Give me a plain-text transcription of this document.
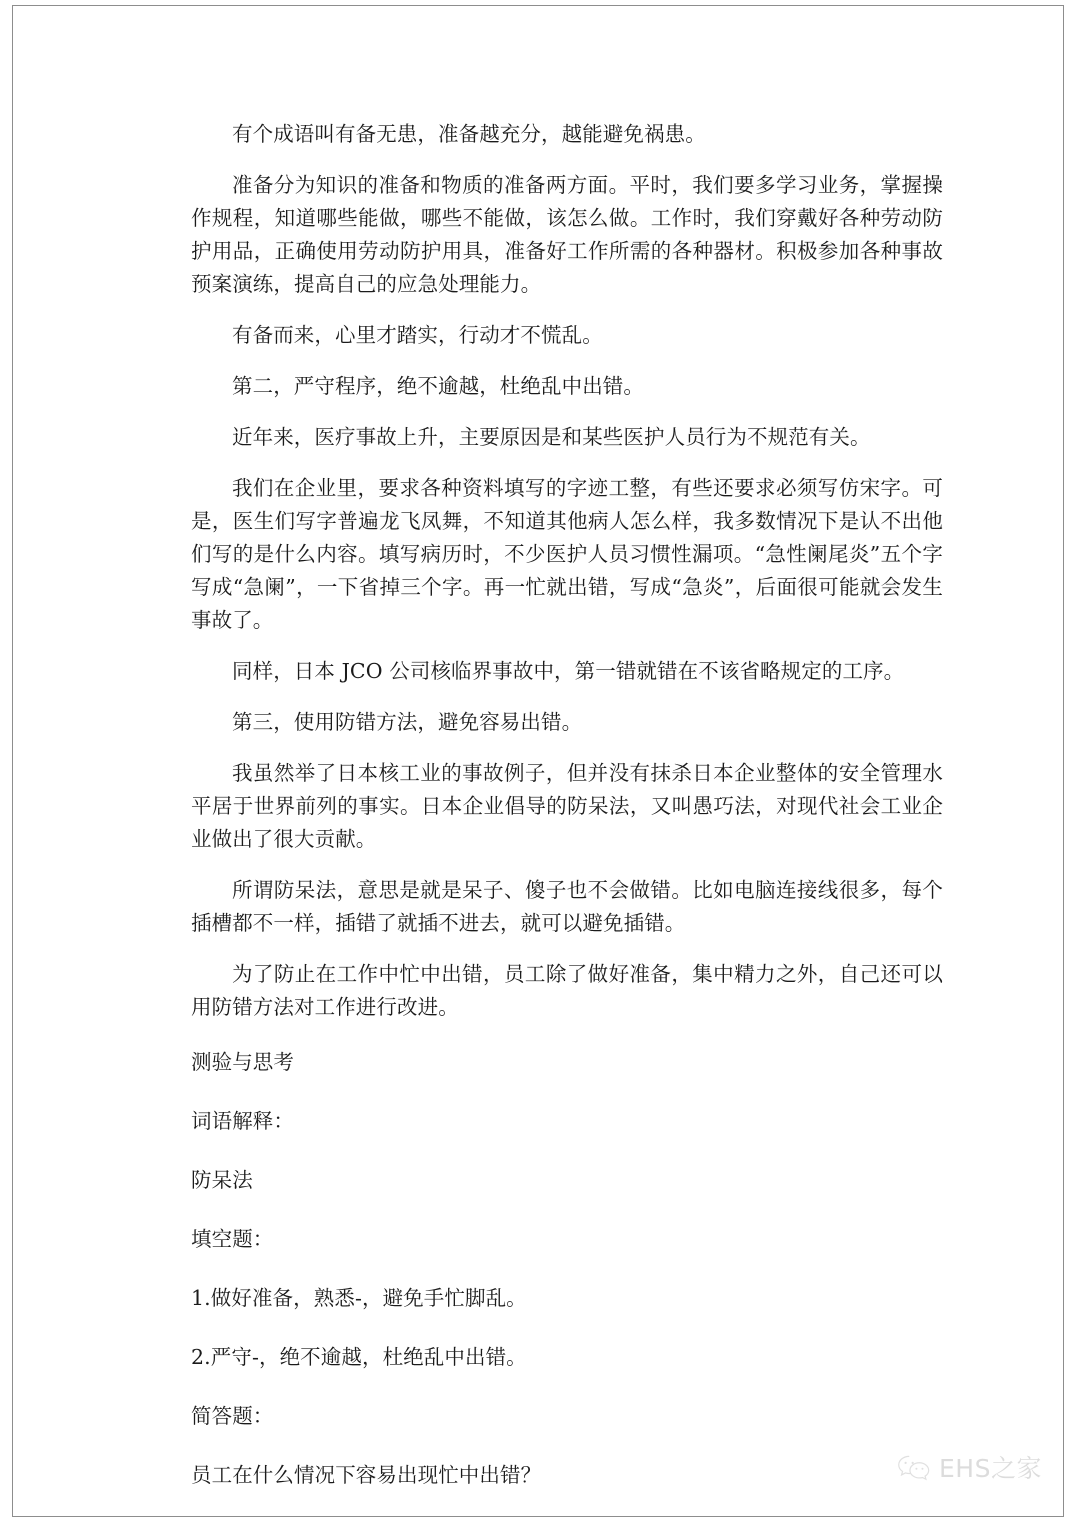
有个成语叫有备无患，准备越充分，越能避免祸患。

准备分为知识的准备和物质的准备两方面。平时，我们要多学习业务，掌握操作规程，知道哪些能做，哪些不能做，该怎么做。工作时，我们穿戴好各种劳动防护用品，正确使用劳动防护用具，准备好工作所需的各种器材。积极参加各种事故预案演练，提高自己的应急处理能力。

有备而来，心里才踏实，行动才不慌乱。

第二，严守程序，绝不逾越，杜绝乱中出错。

近年来，医疗事故上升，主要原因是和某些医护人员行为不规范有关。

我们在企业里，要求各种资料填写的字迹工整，有些还要求必须写仿宋字。可是，医生们写字普遍龙飞凤舞，不知道其他病人怎么样，我多数情况下是认不出他们写的是什么内容。填写病历时，不少医护人员习惯性漏项。“急性阑尾炎”五个字写成“急阑”，一下省掉三个字。再一忙就出错，写成“急炎”，后面很可能就会发生事故了。

同样，日本 JCO 公司核临界事故中，第一错就错在不该省略规定的工序。

第三，使用防错方法，避免容易出错。

我虽然举了日本核工业的事故例子，但并没有抹杀日本企业整体的安全管理水平居于世界前列的事实。日本企业倡导的防呆法，又叫愚巧法，对现代社会工业企业做出了很大贡献。

所谓防呆法，意思是就是呆子、傻子也不会做错。比如电脑连接线很多，每个插槽都不一样，插错了就插不进去，就可以避免插错。

为了防止在工作中忙中出错，员工除了做好准备，集中精力之外，自己还可以用防错方法对工作进行改进。

测验与思考

词语解释：

防呆法

填空题：

1.做好准备，熟悉-，避免手忙脚乱。

2.严守-，绝不逾越，杜绝乱中出错。

简答题：

员工在什么情况下容易出现忙中出错？	EHS之家
